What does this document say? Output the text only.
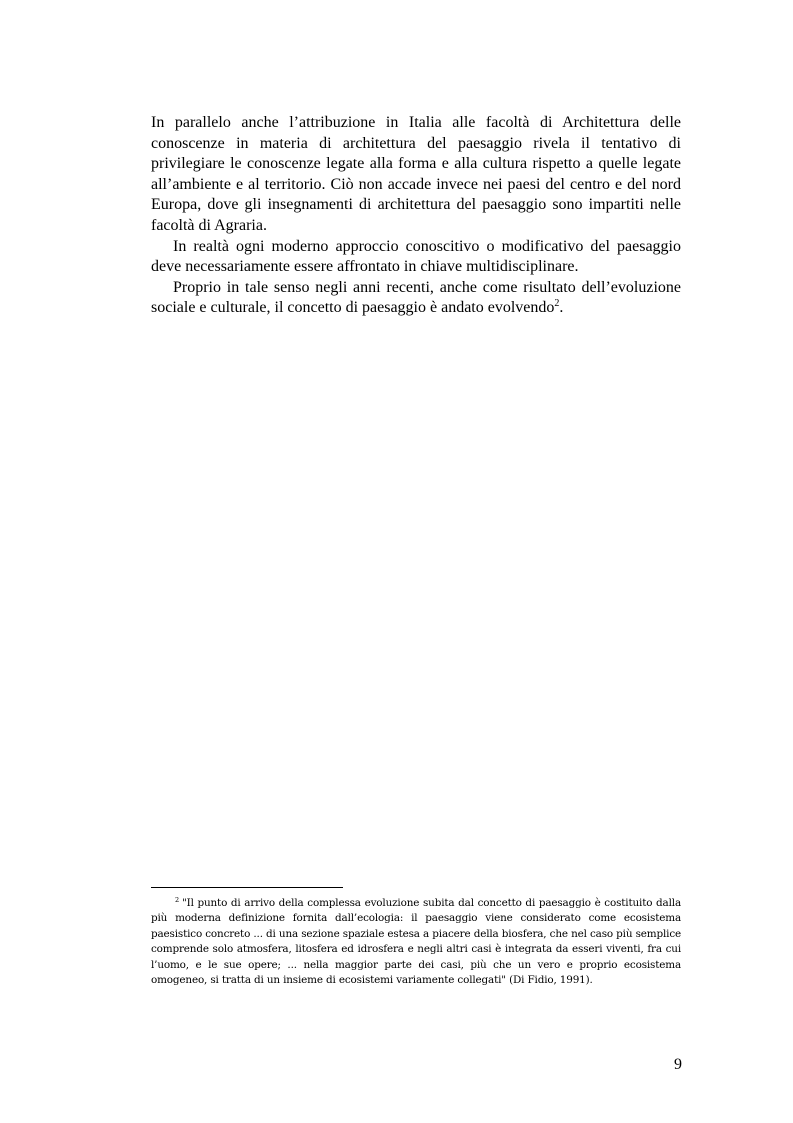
In parallelo anche l’attribuzione in Italia alle facoltà di Architettura delle conoscenze in materia di architettura del paesaggio rivela il tentativo di privilegiare le conoscenze legate alla forma e alla cultura rispetto a quelle legate all’ambiente e al territorio. Ciò non accade invece nei paesi del centro e del nord Europa, dove gli insegnamenti di architettura del paesaggio sono impartiti nelle facoltà di Agraria.

In realtà ogni moderno approccio conoscitivo o modificativo del paesaggio deve necessariamente essere affrontato in chiave multidisciplinare.

Proprio in tale senso negli anni recenti, anche come risultato dell’evoluzione sociale e culturale, il concetto di paesaggio è andato evolvendo$^2$.

$^2$ "Il punto di arrivo della complessa evoluzione subita dal concetto di paesaggio è costituito dalla più moderna definizione fornita dall’ecologia: il paesaggio viene considerato come ecosistema paesistico concreto ... di una sezione spaziale estesa a piacere della biosfera, che nel caso più semplice comprende solo atmosfera, litosfera ed idrosfera e negli altri casi è integrata da esseri viventi, fra cui l’uomo, e le sue opere; ... nella maggior parte dei casi, più che un vero e proprio ecosistema omogeneo, si tratta di un insieme di ecosistemi variamente collegati" (Di Fidio, 1991).

9
